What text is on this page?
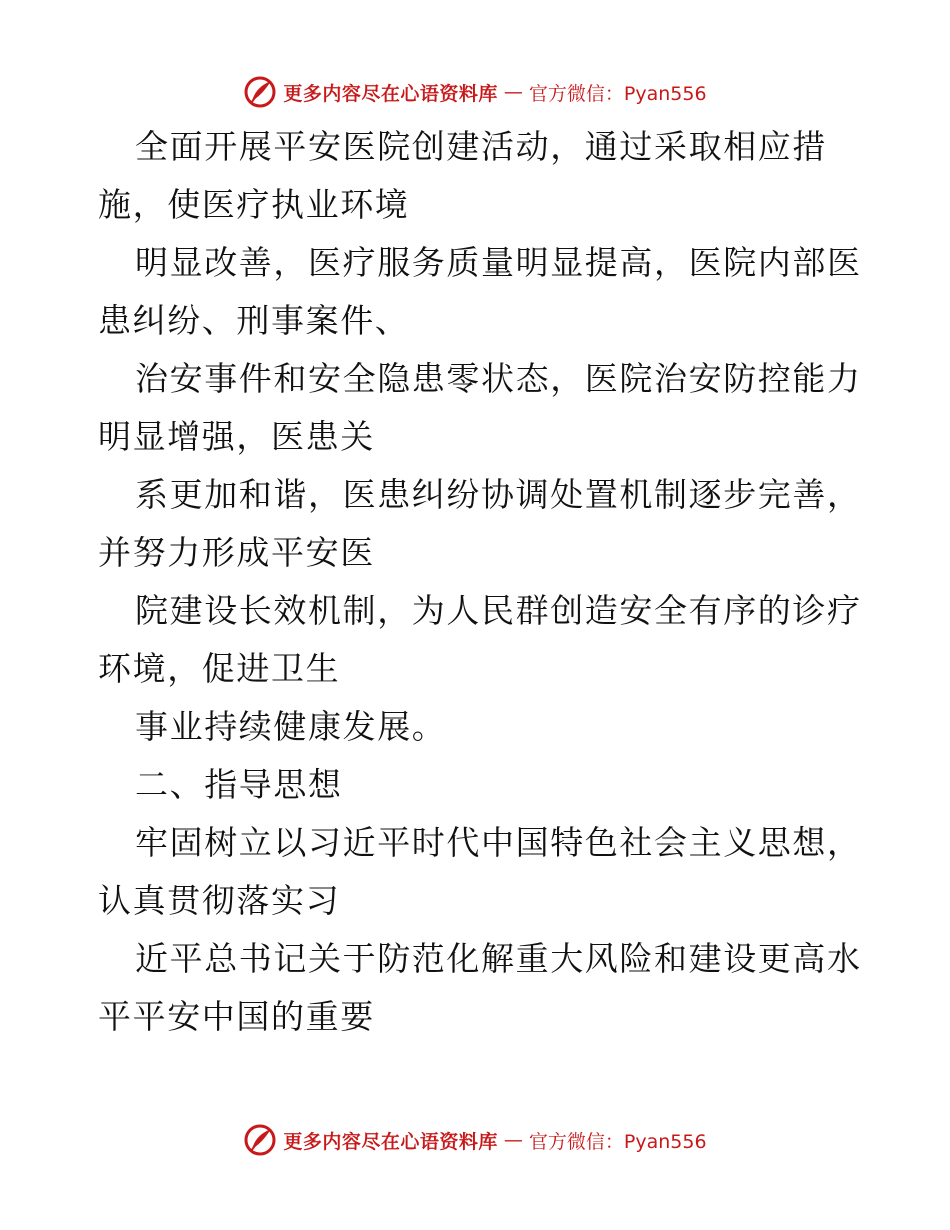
更多内容尽在心语资料库 — 官方微信：Pyan556
全面开展平安医院创建活动，通过采取相应措
施，使医疗执业环境
明显改善，医疗服务质量明显提高，医院内部医
患纠纷、刑事案件、
治安事件和安全隐患零状态，医院治安防控能力
明显增强，医患关
系更加和谐，医患纠纷协调处置机制逐步完善，
并努力形成平安医
院建设长效机制，为人民群创造安全有序的诊疗
环境，促进卫生
事业持续健康发展。
二、指导思想
牢固树立以习近平时代中国特色社会主义思想，
认真贯彻落实习
近平总书记关于防范化解重大风险和建设更高水
平平安中国的重要
更多内容尽在心语资料库 — 官方微信：Pyan556
